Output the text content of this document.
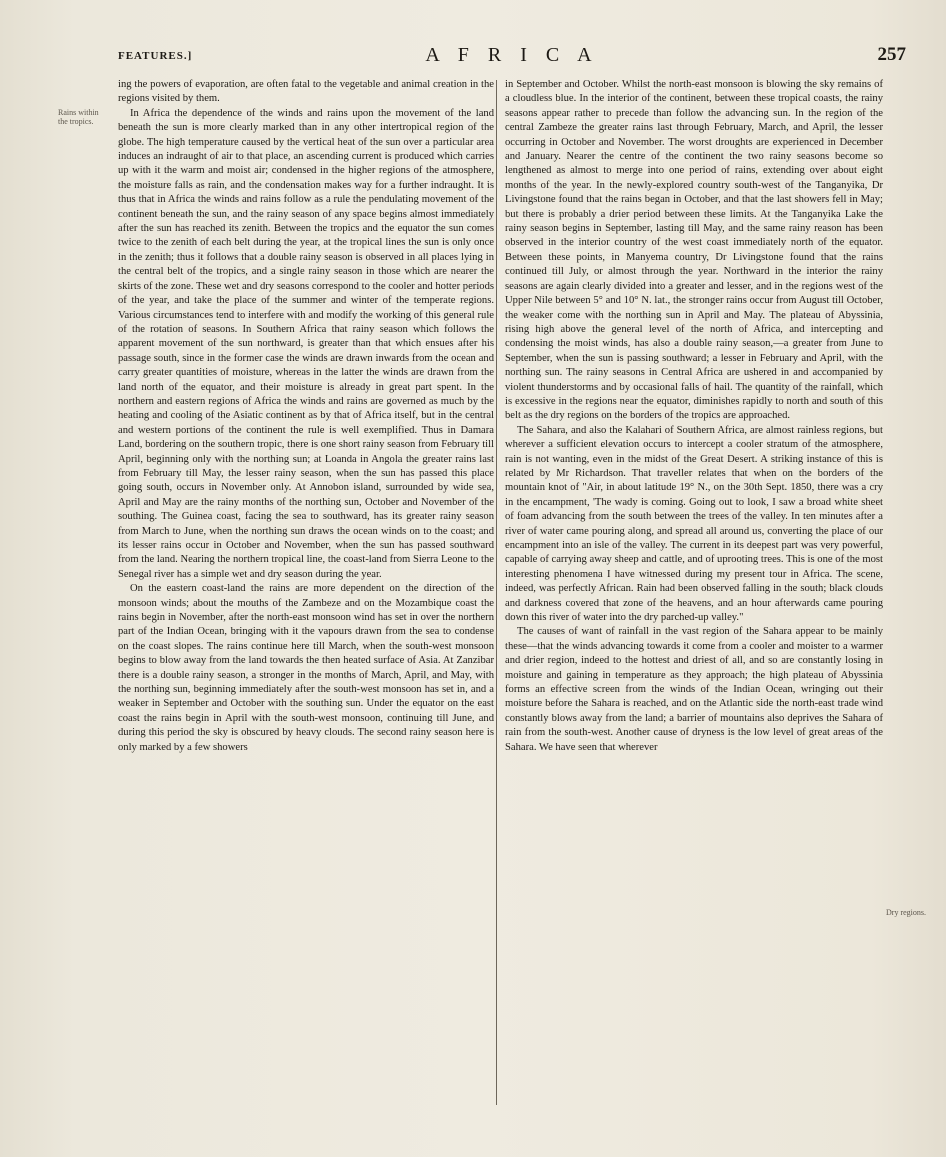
FEATURES.]	A F R I C A	257
Rains within the tropics.
Dry regions.

ing the powers of evaporation, are often fatal to the vegetable and animal creation in the regions visited by them.

In Africa the dependence of the winds and rains upon the movement of the land beneath the sun is more clearly marked than in any other intertropical region of the globe. The high temperature caused by the vertical heat of the sun over a particular area induces an indraught of air to that place, an ascending current is produced which carries up with it the warm and moist air; condensed in the higher regions of the atmosphere, the moisture falls as rain, and the condensation makes way for a further indraught. It is thus that in Africa the winds and rains follow as a rule the pendulating movement of the continent beneath the sun, and the rainy season of any space begins almost immediately after the sun has reached its zenith. Between the tropics and the equator the sun comes twice to the zenith of each belt during the year, at the tropical lines the sun is only once in the zenith; thus it follows that a double rainy season is observed in all places lying in the central belt of the tropics, and a single rainy season in those which are nearer the skirts of the zone. These wet and dry seasons correspond to the cooler and hotter periods of the year, and take the place of the summer and winter of the temperate regions. Various circumstances tend to interfere with and modify the working of this general rule of the rotation of seasons. In Southern Africa that rainy season which follows the apparent movement of the sun northward, is greater than that which ensues after his passage south, since in the former case the winds are drawn inwards from the ocean and carry greater quantities of moisture, whereas in the latter the winds are drawn from the land north of the equator, and their moisture is already in great part spent. In the northern and eastern regions of Africa the winds and rains are governed as much by the heating and cooling of the Asiatic continent as by that of Africa itself, but in the central and western portions of the continent the rule is well exemplified. Thus in Damara Land, bordering on the southern tropic, there is one short rainy season from February till April, beginning only with the northing sun; at Loanda in Angola the greater rains last from February till May, the lesser rainy season, when the sun has passed this place going south, occurs in November only. At Annobon island, surrounded by wide sea, April and May are the rainy months of the northing sun, October and November of the southing. The Guinea coast, facing the sea to southward, has its greater rainy season from March to June, when the northing sun draws the ocean winds on to the coast; and its lesser rains occur in October and November, when the sun has passed southward from the land. Nearing the northern tropical line, the coast-land from Sierra Leone to the Senegal river has a simple wet and dry season during the year.

On the eastern coast-land the rains are more dependent on the direction of the monsoon winds; about the mouths of the Zambeze and on the Mozambique coast the rains begin in November, after the north-east monsoon wind has set in over the northern part of the Indian Ocean, bringing with it the vapours drawn from the sea to condense on the coast slopes. The rains continue here till March, when the south-west monsoon begins to blow away from the land towards the then heated surface of Asia. At Zanzibar there is a double rainy season, a stronger in the months of March, April, and May, with the northing sun, beginning immediately after the south-west monsoon has set in, and a weaker in September and October with the southing sun. Under the equator on the east coast the rains begin in April with the south-west monsoon, continuing till June, and during this period the sky is obscured by heavy clouds. The second rainy season here is only marked by a few showers

in September and October. Whilst the north-east monsoon is blowing the sky remains of a cloudless blue. In the interior of the continent, between these tropical coasts, the rainy seasons appear rather to precede than follow the advancing sun. In the region of the central Zambeze the greater rains last through February, March, and April, the lesser occurring in October and November. The worst droughts are experienced in December and January. Nearer the centre of the continent the two rainy seasons become so lengthened as almost to merge into one period of rains, extending over about eight months of the year. In the newly-explored country south-west of the Tanganyika, Dr Livingstone found that the rains began in October, and that the last showers fell in May; but there is probably a drier period between these limits. At the Tanganyika Lake the rainy season begins in September, lasting till May, and the same rainy reason has been observed in the interior country of the west coast immediately north of the equator. Between these points, in Manyema country, Dr Livingstone found that the rains continued till July, or almost through the year. Northward in the interior the rainy seasons are again clearly divided into a greater and lesser, and in the regions west of the Upper Nile between 5° and 10° N. lat., the stronger rains occur from August till October, the weaker come with the northing sun in April and May. The plateau of Abyssinia, rising high above the general level of the north of Africa, and intercepting and condensing the moist winds, has also a double rainy season,—a greater from June to September, when the sun is passing southward; a lesser in February and April, with the northing sun. The rainy seasons in Central Africa are ushered in and accompanied by violent thunderstorms and by occasional falls of hail. The quantity of the rainfall, which is excessive in the regions near the equator, diminishes rapidly to north and south of this belt as the dry regions on the borders of the tropics are approached.

The Sahara, and also the Kalahari of Southern Africa, are almost rainless regions, but wherever a sufficient elevation occurs to intercept a cooler stratum of the atmosphere, rain is not wanting, even in the midst of the Great Desert. A striking instance of this is related by Mr Richardson. That traveller relates that when on the borders of the mountain knot of "Air, in about latitude 19° N., on the 30th Sept. 1850, there was a cry in the encampment, 'The wady is coming. Going out to look, I saw a broad white sheet of foam advancing from the south between the trees of the valley. In ten minutes after a river of water came pouring along, and spread all around us, converting the place of our encampment into an isle of the valley. The current in its deepest part was very powerful, capable of carrying away sheep and cattle, and of uprooting trees. This is one of the most interesting phenomena I have witnessed during my present tour in Africa. The scene, indeed, was perfectly African. Rain had been observed falling in the south; black clouds and darkness covered that zone of the heavens, and an hour afterwards came pouring down this river of water into the dry parched-up valley."

The causes of want of rainfall in the vast region of the Sahara appear to be mainly these—that the winds advancing towards it come from a cooler and moister to a warmer and drier region, indeed to the hottest and driest of all, and so are constantly losing in moisture and gaining in temperature as they approach; the high plateau of Abyssinia forms an effective screen from the winds of the Indian Ocean, wringing out their moisture before the Sahara is reached, and on the Atlantic side the north-east trade wind constantly blows away from the land; a barrier of mountains also deprives the Sahara of rain from the south-west. Another cause of dryness is the low level of great areas of the Sahara. We have seen that wherever
